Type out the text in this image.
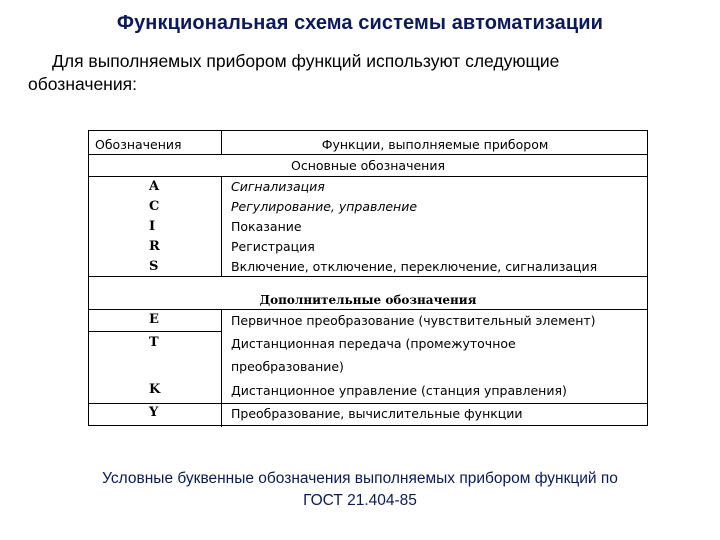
Функциональная схема системы автоматизации
Для выполняемых прибором функций используют следующие обозначения:
Обозначения	Функции, выполняемые прибором
Основные обозначения
A	Сигнализация
C	Регулирование, управление
I	Показание
R	Регистрация
S	Включение, отключение, переключение, сигнализация
Дополнительные обозначения
E	Первичное преобразование (чувствительный элемент)
T	Дистанционная передача (промежуточное
преобразование)
K	Дистанционное управление (станция управления)
Y	Преобразование, вычислительные функции
Условные буквенные обозначения выполняемых прибором функций по
ГОСТ 21.404-85
